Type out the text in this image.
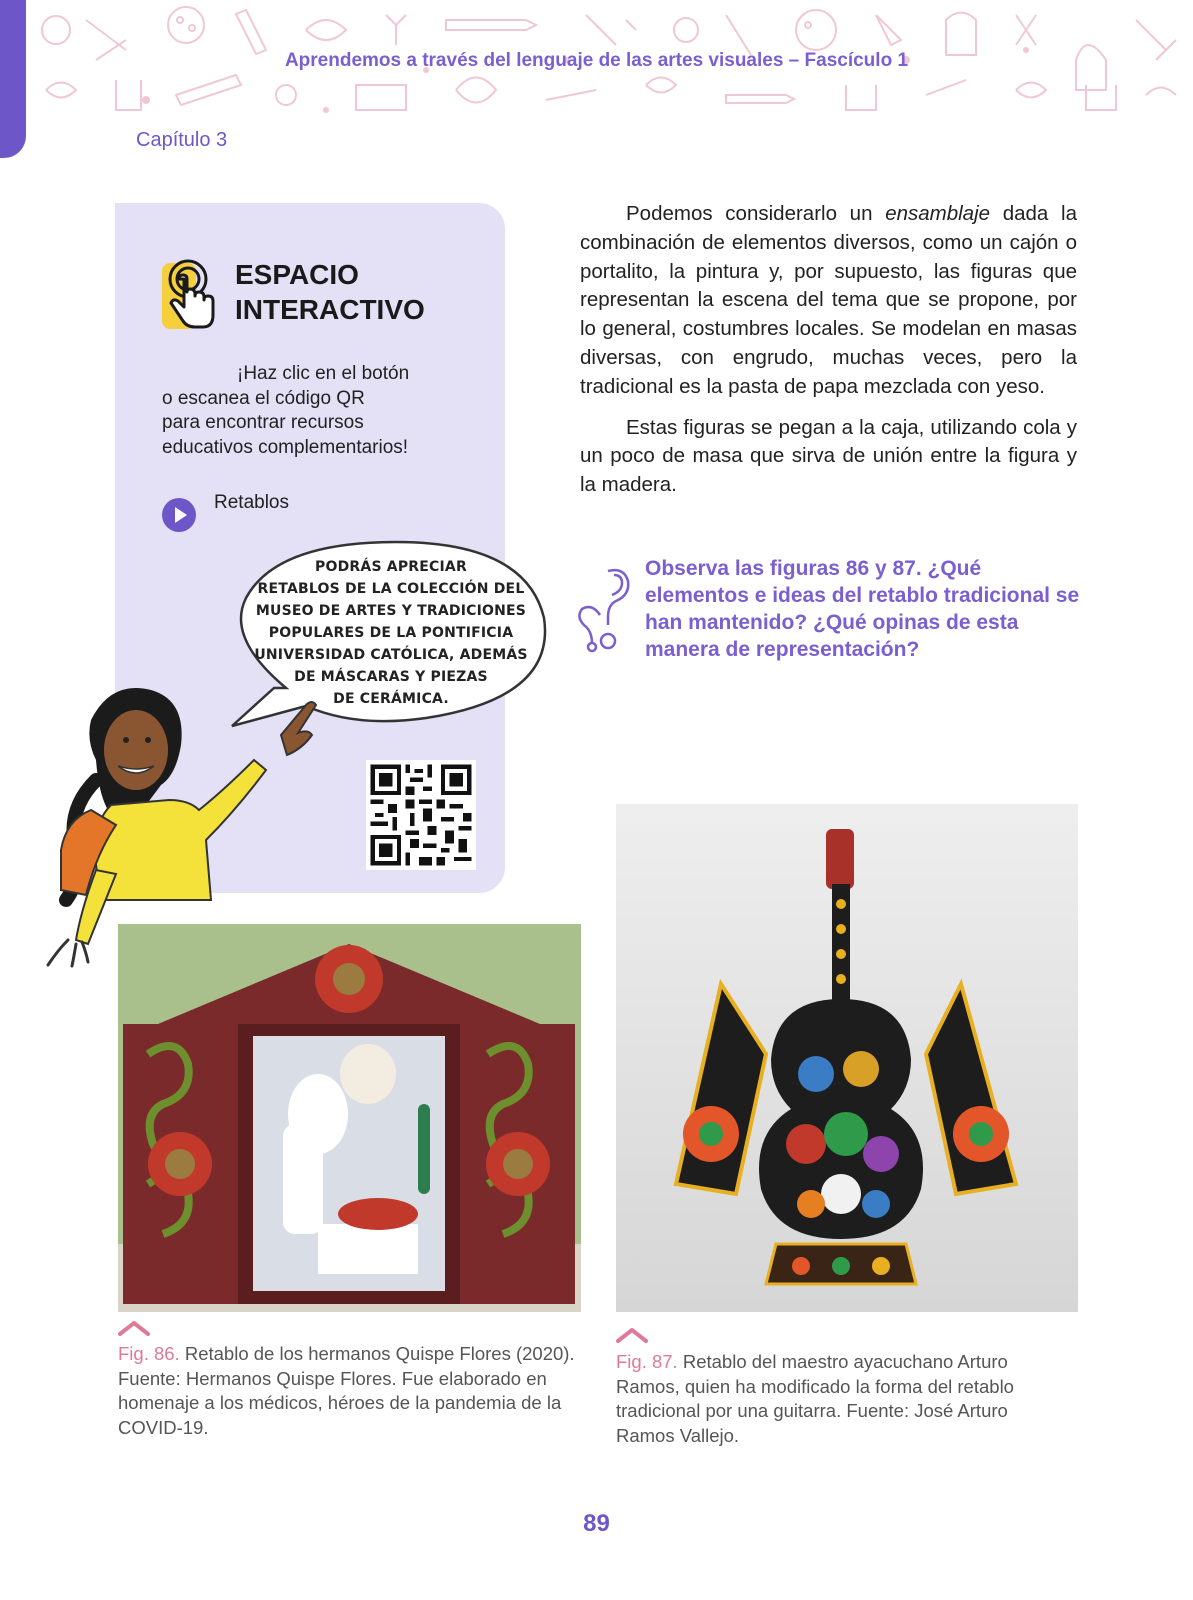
Aprendemos a través del lenguaje de las artes visuales – Fascículo 1
Capítulo 3
ESPACIO
INTERACTIVO
¡Haz clic en el botón
o escanea el código QR
para encontrar recursos
educativos complementarios!
Retablos
PODRÁS APRECIAR
RETABLOS DE LA COLECCIÓN DEL
MUSEO DE ARTES Y TRADICIONES
POPULARES DE LA PONTIFICIA
UNIVERSIDAD CATÓLICA, ADEMÁS
DE MÁSCARAS Y PIEZAS
DE CERÁMICA.

Podemos considerarlo un ensamblaje dada la combinación de elementos diversos, como un cajón o portalito, la pintura y, por supuesto, las figuras que representan la escena del tema que se propone, por lo general, costumbres locales. Se modelan en masas diversas, con engrudo, muchas veces, pero la tradicional es la pasta de papa mezclada con yeso.

Estas figuras se pegan a la caja, utilizando cola y un poco de masa que sirva de unión entre la figura y la madera.

Observa las figuras 86 y 87. ¿Qué elementos e ideas del retablo tradicional se han mantenido? ¿Qué opinas de esta manera de representación?
Fig. 86. Retablo de los hermanos Quispe Flores (2020). Fuente: Hermanos Quispe Flores. Fue elaborado en homenaje a los médicos, héroes de la pandemia de la COVID-19.
Fig. 87. Retablo del maestro ayacuchano Arturo Ramos, quien ha modificado la forma del retablo tradicional por una guitarra. Fuente: José Arturo Ramos Vallejo.
89
